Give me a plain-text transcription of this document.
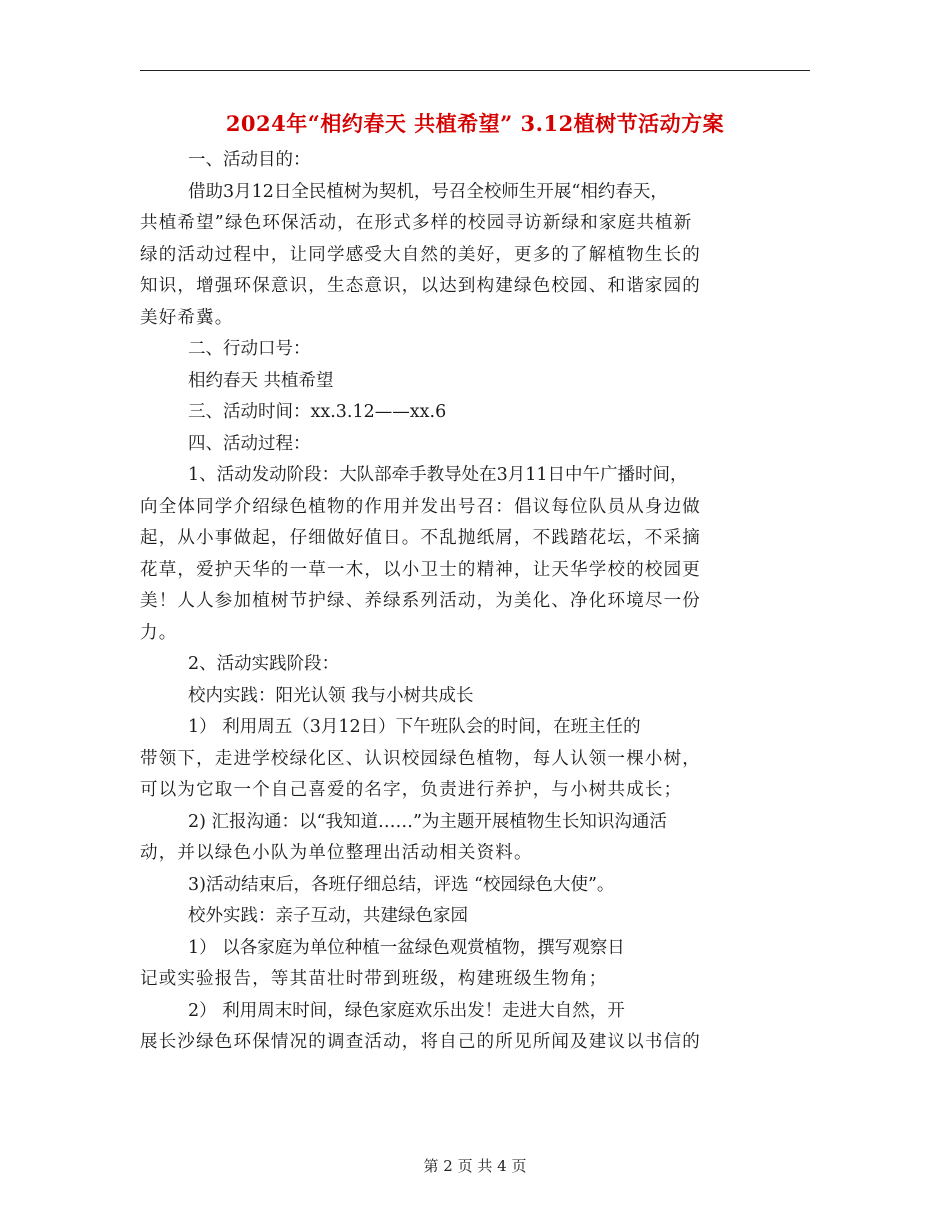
2024年“相约春天 共植希望” 3.12植树节活动方案
一、活动目的：
借助3月12日全民植树为契机，号召全校师生开展“相约春天，
共植希望”绿色环保活动，在形式多样的校园寻访新绿和家庭共植新
绿的活动过程中，让同学感受大自然的美好，更多的了解植物生长的
知识，增强环保意识，生态意识，以达到构建绿色校园、和谐家园的
美好希冀。
二、行动口号：
相约春天 共植希望
三、活动时间：xx.3.12——xx.6
四、活动过程：
1、活动发动阶段：大队部牵手教导处在3月11日中午广播时间，
向全体同学介绍绿色植物的作用并发出号召：倡议每位队员从身边做
起，从小事做起，仔细做好值日。不乱抛纸屑，不践踏花坛，不采摘
花草，爱护天华的一草一木，以小卫士的精神，让天华学校的校园更
美！人人参加植树节护绿、养绿系列活动，为美化、净化环境尽一份
力。
2、活动实践阶段：
校内实践：阳光认领 我与小树共成长
1） 利用周五（3月12日）下午班队会的时间，在班主任的
带领下，走进学校绿化区、认识校园绿色植物，每人认领一棵小树，
可以为它取一个自己喜爱的名字，负责进行养护，与小树共成长；
2) 汇报沟通：以“我知道……”为主题开展植物生长知识沟通活
动，并以绿色小队为单位整理出活动相关资料。
3)活动结束后，各班仔细总结，评选 “校园绿色大使”。
校外实践：亲子互动，共建绿色家园
1） 以各家庭为单位种植一盆绿色观赏植物，撰写观察日
记或实验报告，等其苗壮时带到班级，构建班级生物角；
2） 利用周末时间，绿色家庭欢乐出发！走进大自然，开
展长沙绿色环保情况的调查活动，将自己的所见所闻及建议以书信的
第 2 页 共 4 页
